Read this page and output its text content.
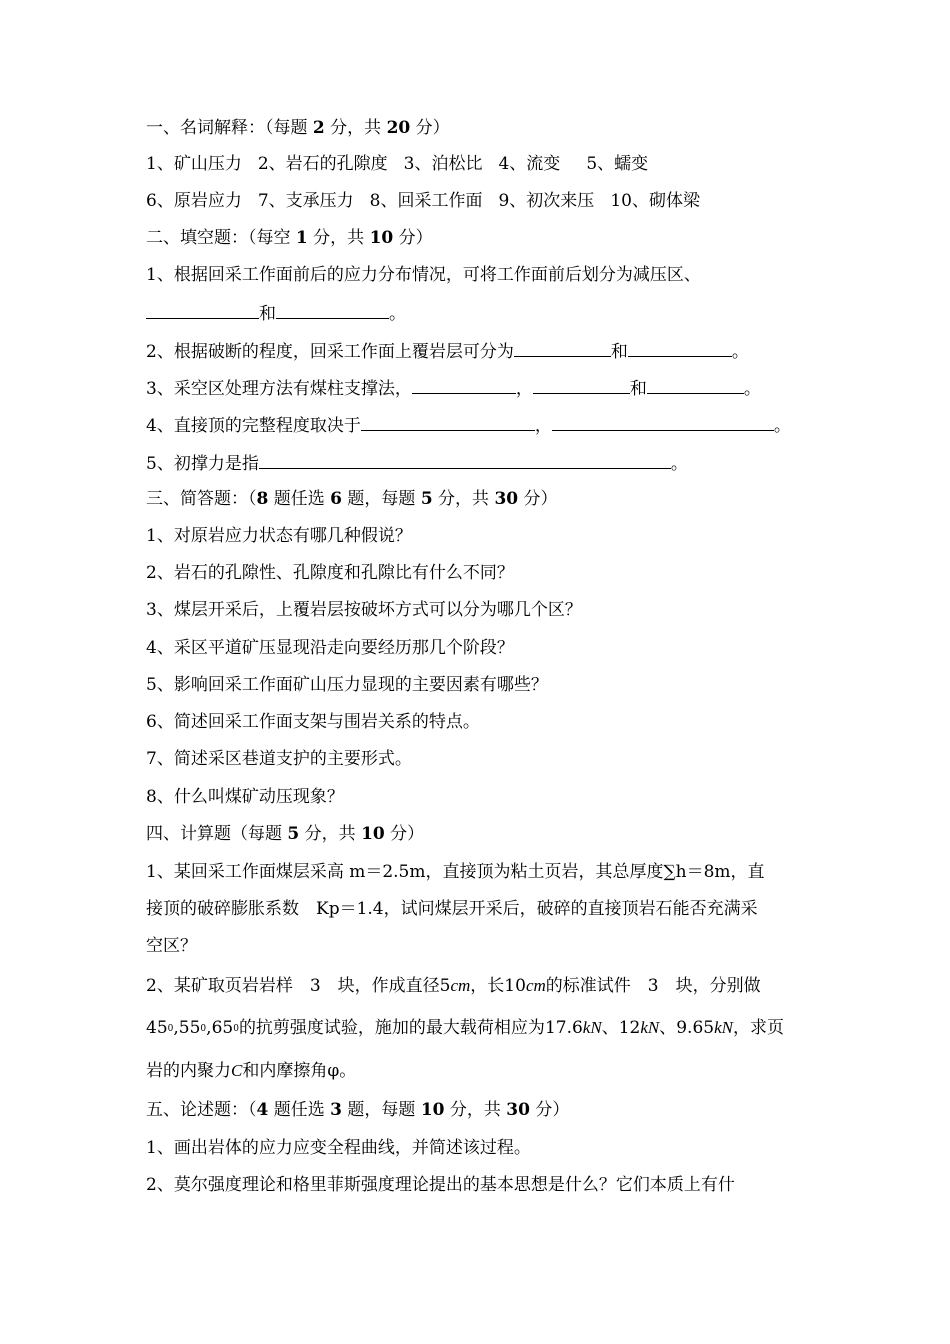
一、名词解释：（每题 2 分，共 20 分）
1、矿山压力 2、岩石的孔隙度 3、泊松比 4、流变 5、蠕变
6、原岩应力 7、支承压力 8、回采工作面 9、初次来压 10、砌体梁
二、填空题：（每空 1 分，共 10 分）
1、根据回采工作面前后的应力分布情况，可将工作面前后划分为减压区、
和	。
2、根据破断的程度，回采工作面上覆岩层可分为	和	。
3、采空区处理方法有煤柱支撑法，	，	和	。
4、直接顶的完整程度取决于	，	。
5、初撑力是指	。
三、简答题：（8 题任选 6 题，每题 5 分，共 30 分）
1、对原岩应力状态有哪几种假说？
2、岩石的孔隙性、孔隙度和孔隙比有什么不同？
3、煤层开采后，上覆岩层按破坏方式可以分为哪几个区？
4、采区平道矿压显现沿走向要经历那几个阶段？
5、影响回采工作面矿山压力显现的主要因素有哪些？
6、简述回采工作面支架与围岩关系的特点。
7、简述采区巷道支护的主要形式。
8、什么叫煤矿动压现象？
四、计算题（每题 5 分，共 10 分）
1、某回采工作面煤层采高 m＝2.5m，直接顶为粘土页岩，其总厚度∑h＝8m，直
接顶的破碎膨胀系数　Kp＝1.4，试问煤层开采后，破碎的直接顶岩石能否充满采
空区？
2、某矿取页岩岩样　3　块，作成直径5cm，长10cm的标准试件　3　块，分别做
$45^0,55^0,65^0$的抗剪强度试验，施加的最大载荷相应为17.6kN、12kN、9.65kN，求页
岩的内聚力C和内摩擦角φ。
五、论述题：（4 题任选 3 题，每题 10 分，共 30 分）
1、画出岩体的应力应变全程曲线，并简述该过程。
2、莫尔强度理论和格里菲斯强度理论提出的基本思想是什么？它们本质上有什
